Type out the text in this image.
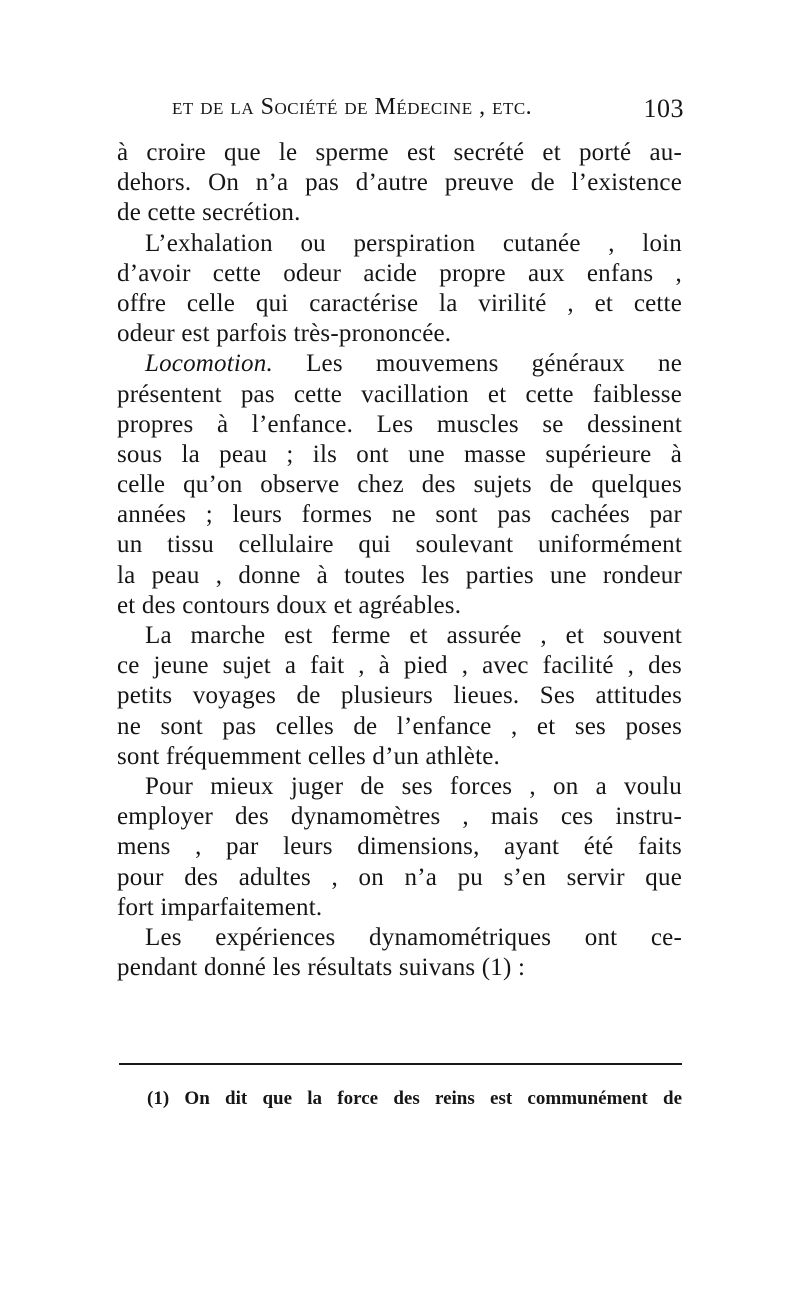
et de la Société de Médecine , etc.	103
à croire que le sperme est secrété et porté au-
dehors. On n’a pas d’autre preuve de l’existence
de cette secrétion.
L’exhalation ou perspiration cutanée , loin
d’avoir cette odeur acide propre aux enfans ,
offre celle qui caractérise la virilité , et cette
odeur est parfois très-prononcée.
Locomotion. Les mouvemens généraux ne
présentent pas cette vacillation et cette faiblesse
propres à l’enfance. Les muscles se dessinent
sous la peau ; ils ont une masse supérieure à
celle qu’on observe chez des sujets de quelques
années ; leurs formes ne sont pas cachées par
un tissu cellulaire qui soulevant uniformément
la peau , donne à toutes les parties une rondeur
et des contours doux et agréables.
La marche est ferme et assurée , et souvent
ce jeune sujet a fait , à pied , avec facilité , des
petits voyages de plusieurs lieues. Ses attitudes
ne sont pas celles de l’enfance , et ses poses
sont fréquemment celles d’un athlète.
Pour mieux juger de ses forces , on a voulu
employer des dynamomètres , mais ces instru-
mens , par leurs dimensions, ayant été faits
pour des adultes , on n’a pu s’en servir que
fort imparfaitement.
Les expériences dynamométriques ont ce-
pendant donné les résultats suivans (1) :
(1) On dit que la force des reins est communément de
